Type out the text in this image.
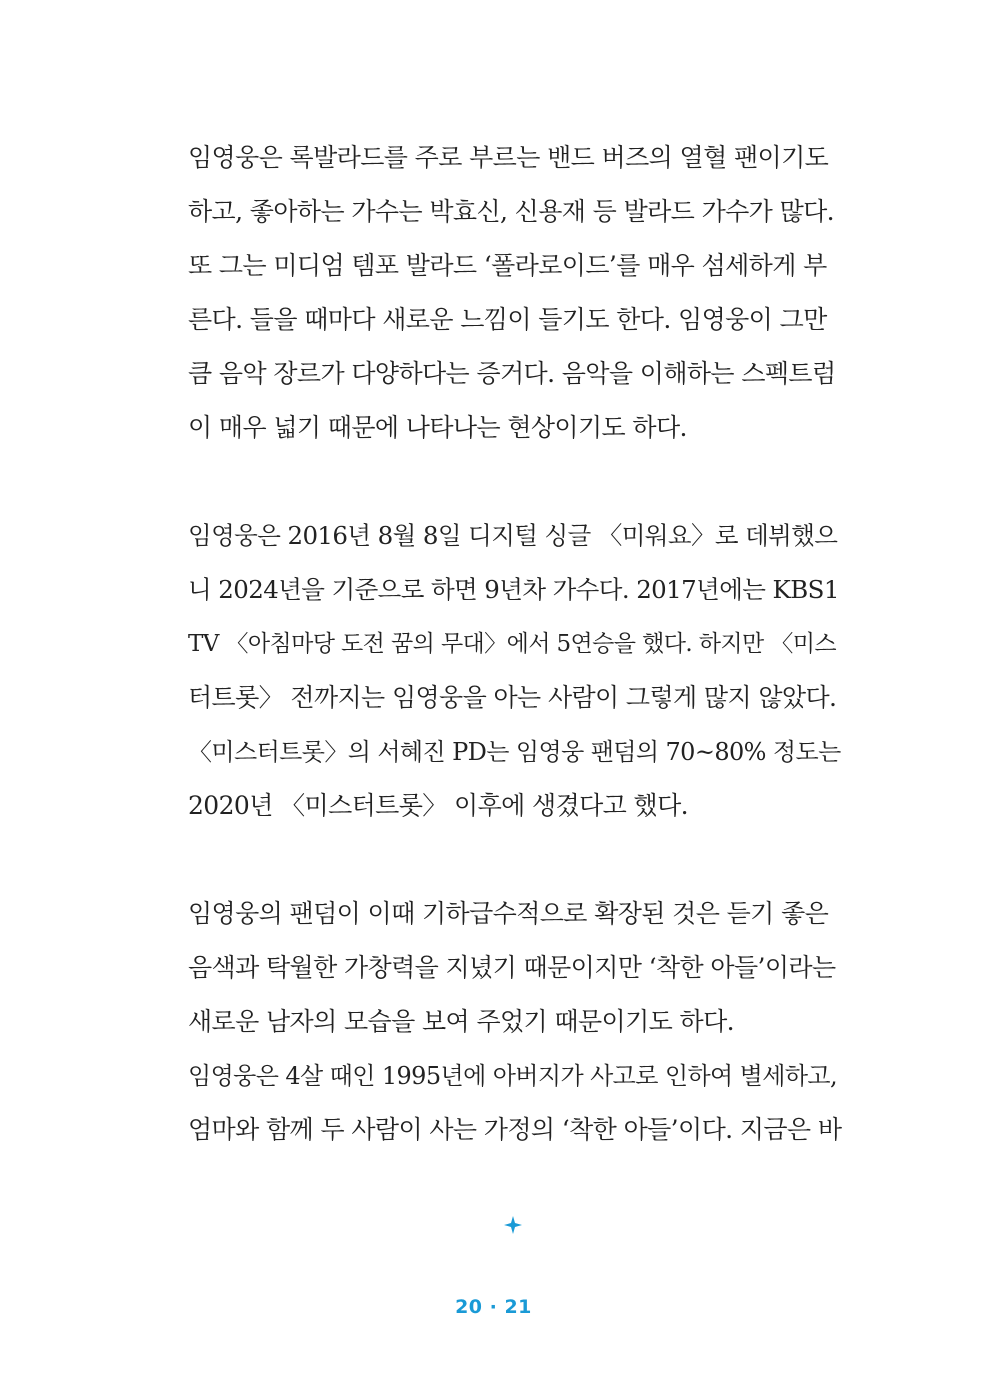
임영웅은 록발라드를 주로 부르는 밴드 버즈의 열혈 팬이기도
하고, 좋아하는 가수는 박효신, 신용재 등 발라드 가수가 많다.
또 그는 미디엄 템포 발라드 ‘폴라로이드’를 매우 섬세하게 부
른다. 들을 때마다 새로운 느낌이 들기도 한다. 임영웅이 그만
큼 음악 장르가 다양하다는 증거다. 음악을 이해하는 스펙트럼
이 매우 넓기 때문에 나타나는 현상이기도 하다.
임영웅은 2016년 8월 8일 디지털 싱글 〈미워요〉로 데뷔했으
니 2024년을 기준으로 하면 9년차 가수다. 2017년에는 KBS1
TV 〈아침마당 도전 꿈의 무대〉에서 5연승을 했다. 하지만 〈미스
터트롯〉 전까지는 임영웅을 아는 사람이 그렇게 많지 않았다.
〈미스터트롯〉의 서혜진 PD는 임영웅 팬덤의 70~80% 정도는
2020년 〈미스터트롯〉 이후에 생겼다고 했다.
임영웅의 팬덤이 이때 기하급수적으로 확장된 것은 듣기 좋은
음색과 탁월한 가창력을 지녔기 때문이지만 ‘착한 아들’이라는
새로운 남자의 모습을 보여 주었기 때문이기도 하다.
임영웅은 4살 때인 1995년에 아버지가 사고로 인하여 별세하고,
엄마와 함께 두 사람이 사는 가정의 ‘착한 아들’이다. 지금은 바
20 · 21
